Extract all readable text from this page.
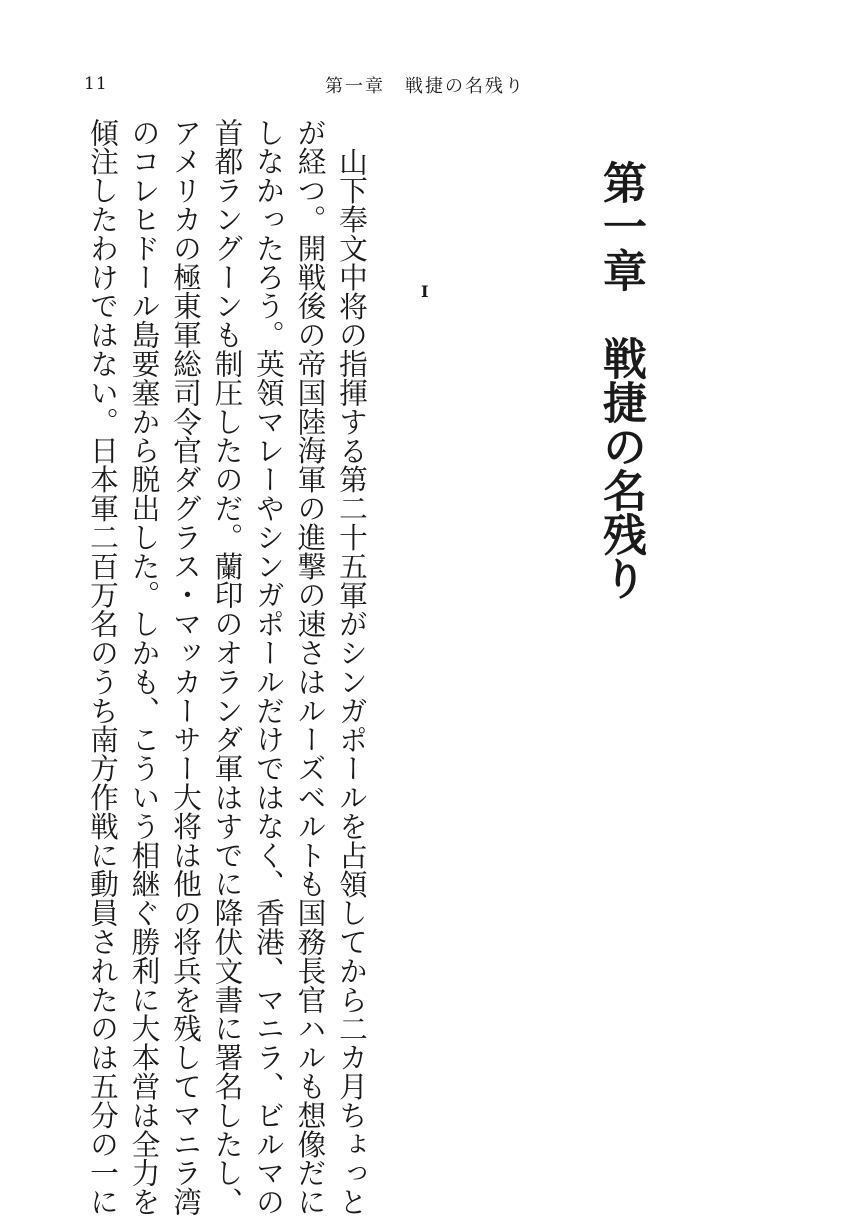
11	第一章　戦捷の名残り
第一章　戦捷の名残り
I
山下奉文中将の指揮する第二十五軍がシンガポールを占領してから二カ月ちょっと
が経つ。開戦後の帝国陸海軍の進撃の速さはルーズベルトも国務長官ハルも想像だに
しなかったろう。英領マレーやシンガポールだけではなく、香港、マニラ、ビルマの
首都ラングーンも制圧したのだ。蘭印のオランダ軍はすでに降伏文書に署名したし、
アメリカの極東軍総司令官ダグラス・マッカーサー大将は他の将兵を残してマニラ湾
のコレヒドール島要塞から脱出した。しかも、こういう相継ぐ勝利に大本営は全力を
傾注したわけではない。日本軍二百万名のうち南方作戦に動員されたのは五分の一に
